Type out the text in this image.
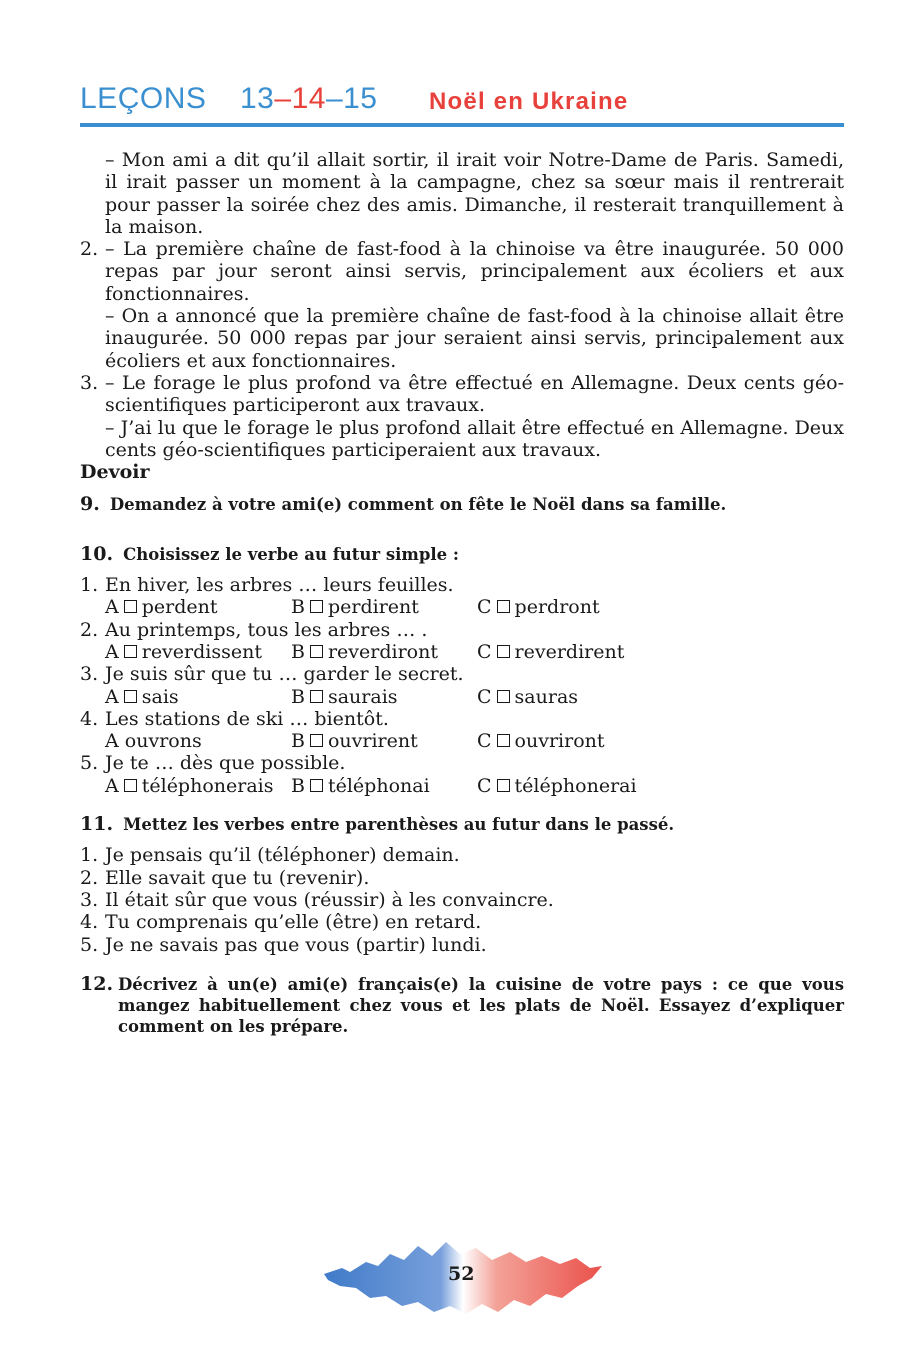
LEÇONS 13–14–15 Noël en Ukraine

– Mon ami a dit qu’il allait sortir, il irait voir Notre-Dame de Paris. Samedi, il irait passer un moment à la campagne, chez sa sœur mais il rentrerait pour passer la soirée chez des amis. Dimanche, il resterait tranquillement à la maison.

2. – La première chaîne de fast-food à la chinoise va être inaugurée. 50 000 repas par jour seront ainsi servis, principalement aux écoliers et aux fonctionnaires.

– On a annoncé que la première chaîne de fast-food à la chinoise allait être inaugurée. 50 000 repas par jour seraient ainsi servis, principalement aux écoliers et aux fonctionnaires.

3. – Le forage le plus profond va être effectué en Allemagne. Deux cents géo-scientifiques participeront aux travaux.

– J’ai lu que le forage le plus profond allait être effectué en Allemagne. Deux cents géo-scientifiques participeraient aux travaux.

Devoir

9. Demandez à votre ami(e) comment on fête le Noël dans sa famille.
10. Choisissez le verbe au futur simple :
1. En hiver, les arbres … leurs feuilles.
A perdent	B perdirent	C perdront
2. Au printemps, tous les arbres … .
A reverdissent	B reverdiront	C reverdirent
3. Je suis sûr que tu … garder le secret.
A sais	B saurais	C sauras
4. Les stations de ski … bientôt.
A ouvrons	B ouvrirent	C ouvriront
5. Je te … dès que possible.
A téléphonerais B téléphonai	C téléphonerai
11. Mettez les verbes entre parenthèses au futur dans le passé.
1. Je pensais qu’il (téléphoner) demain.
2. Elle savait que tu (revenir).
3. Il était sûr que vous (réussir) à les convaincre.
4. Tu comprenais qu’elle (être) en retard.
5. Je ne savais pas que vous (partir) lundi.
12. Décrivez à un(e) ami(e) français(e) la cuisine de votre pays : ce que vous mangez habituellement chez vous et les plats de Noël. Essayez d’expliquer comment on les prépare.
52
